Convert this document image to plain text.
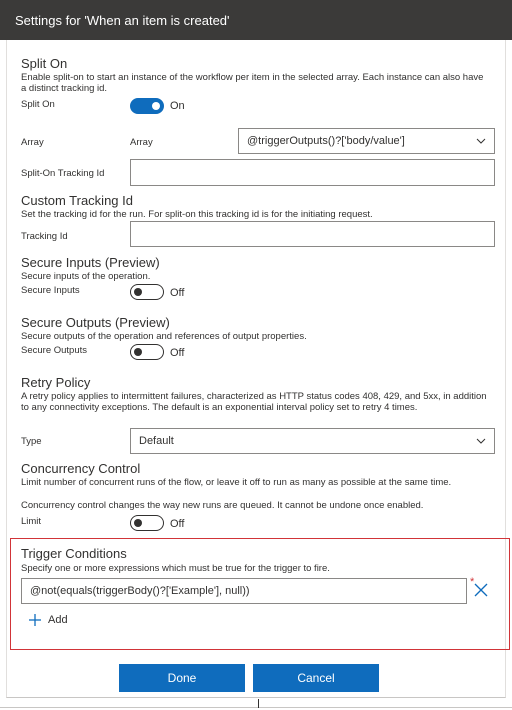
Settings for 'When an item is created'
Split On
Enable split-on to start an instance of the workflow per item in the selected array. Each instance can also have a distinct tracking id.
Split On	On
Array	Array	@triggerOutputs()?['body/value']
Split-On Tracking Id
Custom Tracking Id
Set the tracking id for the run. For split-on this tracking id is for the initiating request.
Tracking Id
Secure Inputs (Preview)
Secure inputs of the operation.
Secure Inputs	Off
Secure Outputs (Preview)
Secure outputs of the operation and references of output properties.
Secure Outputs	Off
Retry Policy
A retry policy applies to intermittent failures, characterized as HTTP status codes 408, 429, and 5xx, in addition to any connectivity exceptions. The default is an exponential interval policy set to retry 4 times.
Type	Default
Concurrency Control
Limit number of concurrent runs of the flow, or leave it off to run as many as possible at the same time.
Concurrency control changes the way new runs are queued. It cannot be undone once enabled.
Limit	Off
Trigger Conditions
Specify one or more expressions which must be true for the trigger to fire.
@not(equals(triggerBody()?['Example'], null))
*
Add
Done	Cancel
